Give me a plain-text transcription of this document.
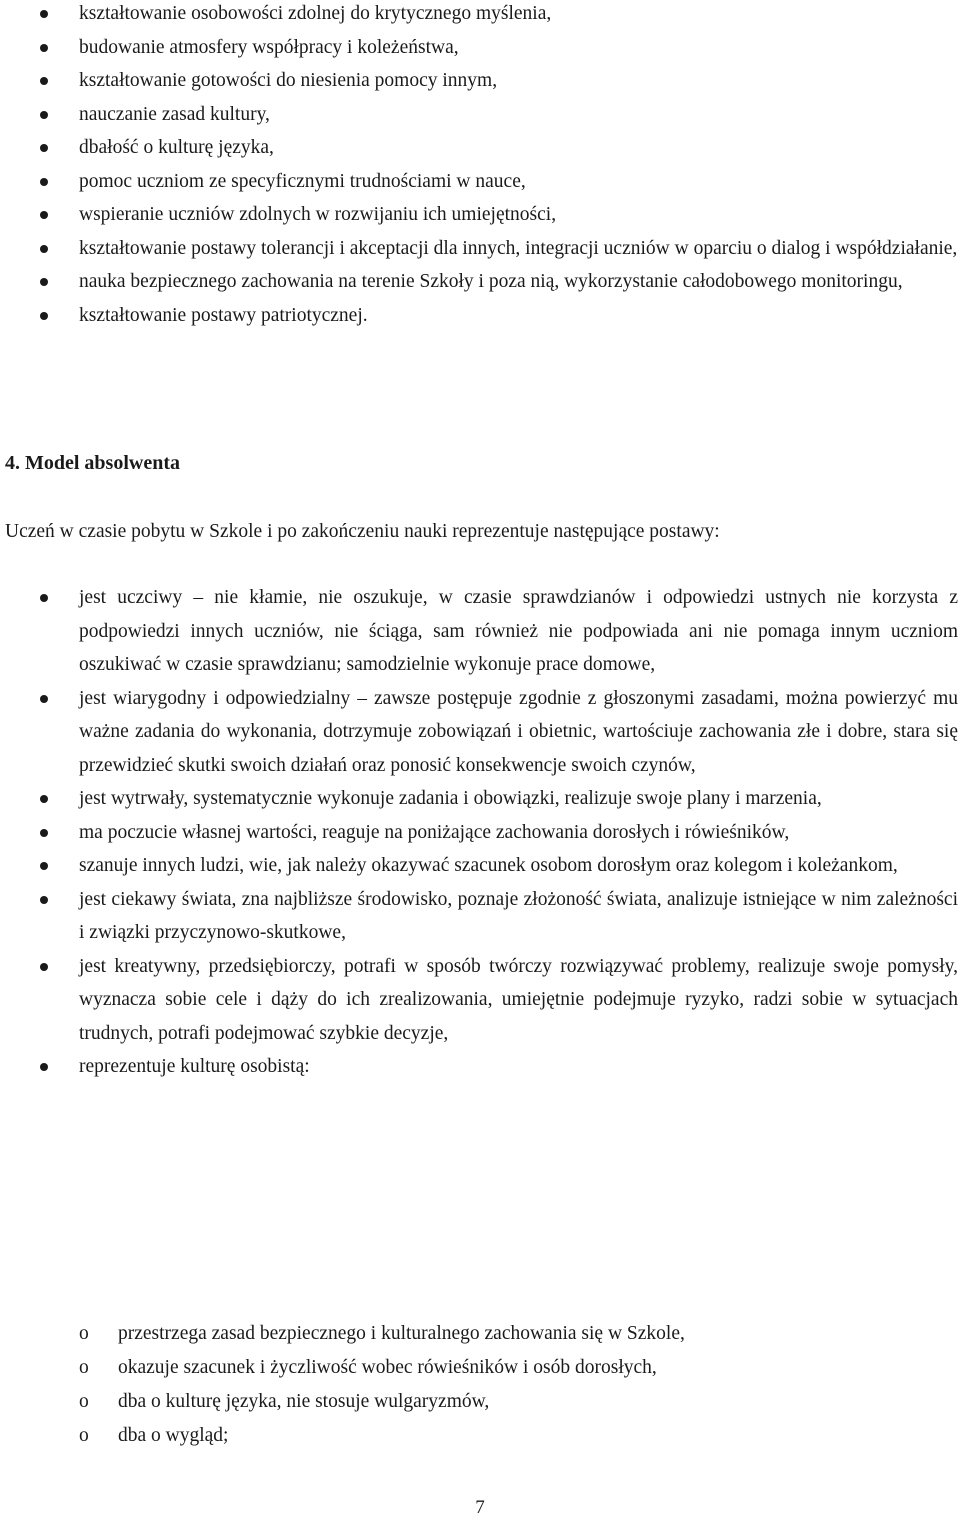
kształtowanie osobowości zdolnej do krytycznego myślenia,
budowanie atmosfery współpracy i koleżeństwa,
kształtowanie gotowości do niesienia pomocy innym,
nauczanie zasad kultury,
dbałość o kulturę języka,
pomoc uczniom ze specyficznymi trudnościami w nauce,
wspieranie uczniów zdolnych w rozwijaniu ich umiejętności,
kształtowanie postawy tolerancji i akceptacji dla innych, integracji uczniów w oparciu o dialog i współdziałanie,
nauka bezpiecznego zachowania na terenie Szkoły i poza nią, wykorzystanie całodobowego monitoringu,
kształtowanie postawy patriotycznej.
4. Model absolwenta
Uczeń w czasie pobytu w Szkole i po zakończeniu nauki reprezentuje następujące postawy:
jest uczciwy – nie kłamie, nie oszukuje, w czasie sprawdzianów i odpowiedzi ustnych nie korzysta z podpowiedzi innych uczniów, nie ściąga, sam również nie podpowiada ani nie pomaga innym uczniom oszukiwać w czasie sprawdzianu; samodzielnie wykonuje prace domowe,
jest wiarygodny i odpowiedzialny – zawsze postępuje zgodnie z głoszonymi zasadami, można powierzyć mu ważne zadania do wykonania, dotrzymuje zobowiązań i obietnic, wartościuje zachowania złe i dobre, stara się przewidzieć skutki swoich działań oraz ponosić konsekwencje swoich czynów,
jest wytrwały, systematycznie wykonuje zadania i obowiązki, realizuje swoje plany i marzenia,
ma poczucie własnej wartości, reaguje na poniżające zachowania dorosłych i rówieśników,
szanuje innych ludzi, wie, jak należy okazywać szacunek osobom dorosłym oraz kolegom i koleżankom,
jest ciekawy świata, zna najbliższe środowisko, poznaje złożoność świata, analizuje istniejące w nim zależności i związki przyczynowo-skutkowe,
jest kreatywny, przedsiębiorczy, potrafi w sposób twórczy rozwiązywać problemy, realizuje swoje pomysły, wyznacza sobie cele i dąży do ich zrealizowania, umiejętnie podejmuje ryzyko, radzi sobie w sytuacjach trudnych, potrafi podejmować szybkie decyzje,
reprezentuje kulturę osobistą:
o przestrzega zasad bezpiecznego i kulturalnego zachowania się w Szkole,
o okazuje szacunek i życzliwość wobec rówieśników i osób dorosłych,
o dba o kulturę języka, nie stosuje wulgaryzmów,
o dba o wygląd;
7
